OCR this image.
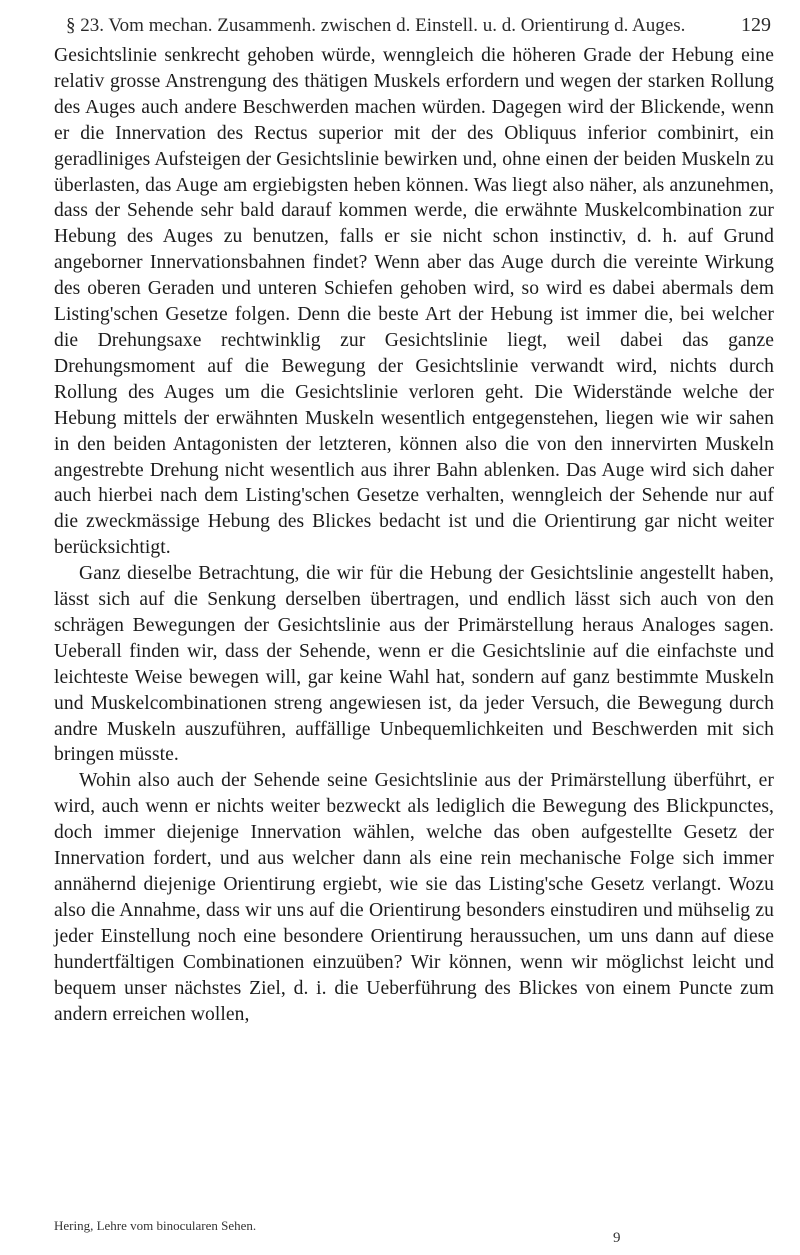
§ 23. Vom mechan. Zusammenh. zwischen d. Einstell. u. d. Orientirung d. Auges.	129

Gesichtslinie senkrecht gehoben würde, wenngleich die höheren Grade der Hebung eine relativ grosse Anstrengung des thätigen Muskels erfordern und wegen der starken Rollung des Auges auch andere Beschwerden machen würden. Dagegen wird der Blickende, wenn er die Innervation des Rectus superior mit der des Obliquus inferior combinirt, ein geradliniges Aufsteigen der Gesichtslinie bewirken und, ohne einen der beiden Muskeln zu überlasten, das Auge am ergiebigsten heben können. Was liegt also näher, als anzunehmen, dass der Sehende sehr bald darauf kommen werde, die erwähnte Muskelcombination zur Hebung des Auges zu benutzen, falls er sie nicht schon instinctiv, d. h. auf Grund angeborner Innervationsbahnen findet? Wenn aber das Auge durch die vereinte Wirkung des oberen Geraden und unteren Schiefen gehoben wird, so wird es dabei abermals dem Listing'schen Gesetze folgen. Denn die beste Art der Hebung ist immer die, bei welcher die Drehungsaxe rechtwinklig zur Gesichtslinie liegt, weil dabei das ganze Drehungsmoment auf die Bewegung der Gesichtslinie verwandt wird, nichts durch Rollung des Auges um die Gesichtslinie verloren geht. Die Widerstände welche der Hebung mittels der erwähnten Muskeln wesentlich entgegenstehen, liegen wie wir sahen in den beiden Antagonisten der letzteren, können also die von den innervirten Muskeln angestrebte Drehung nicht wesentlich aus ihrer Bahn ablenken. Das Auge wird sich daher auch hierbei nach dem Listing'schen Gesetze verhalten, wenngleich der Sehende nur auf die zweckmässige Hebung des Blickes bedacht ist und die Orientirung gar nicht weiter berücksichtigt.

Ganz dieselbe Betrachtung, die wir für die Hebung der Gesichtslinie angestellt haben, lässt sich auf die Senkung derselben übertragen, und endlich lässt sich auch von den schrägen Bewegungen der Gesichtslinie aus der Primärstellung heraus Analoges sagen. Ueberall finden wir, dass der Sehende, wenn er die Gesichtslinie auf die einfachste und leichteste Weise bewegen will, gar keine Wahl hat, sondern auf ganz bestimmte Muskeln und Muskelcombinationen streng angewiesen ist, da jeder Versuch, die Bewegung durch andre Muskeln auszuführen, auffällige Unbequemlichkeiten und Beschwerden mit sich bringen müsste.

Wohin also auch der Sehende seine Gesichtslinie aus der Primärstellung überführt, er wird, auch wenn er nichts weiter bezweckt als lediglich die Bewegung des Blickpunctes, doch immer diejenige Innervation wählen, welche das oben aufgestellte Gesetz der Innervation fordert, und aus welcher dann als eine rein mechanische Folge sich immer annähernd diejenige Orientirung ergiebt, wie sie das Listing'sche Gesetz verlangt. Wozu also die Annahme, dass wir uns auf die Orientirung besonders einstudiren und mühselig zu jeder Einstellung noch eine besondere Orientirung heraussuchen, um uns dann auf diese hundertfältigen Combinationen einzuüben? Wir können, wenn wir möglichst leicht und bequem unser nächstes Ziel, d. i. die Ueberführung des Blickes von einem Puncte zum andern erreichen wollen,

Hering, Lehre vom binocularen Sehen.
9
